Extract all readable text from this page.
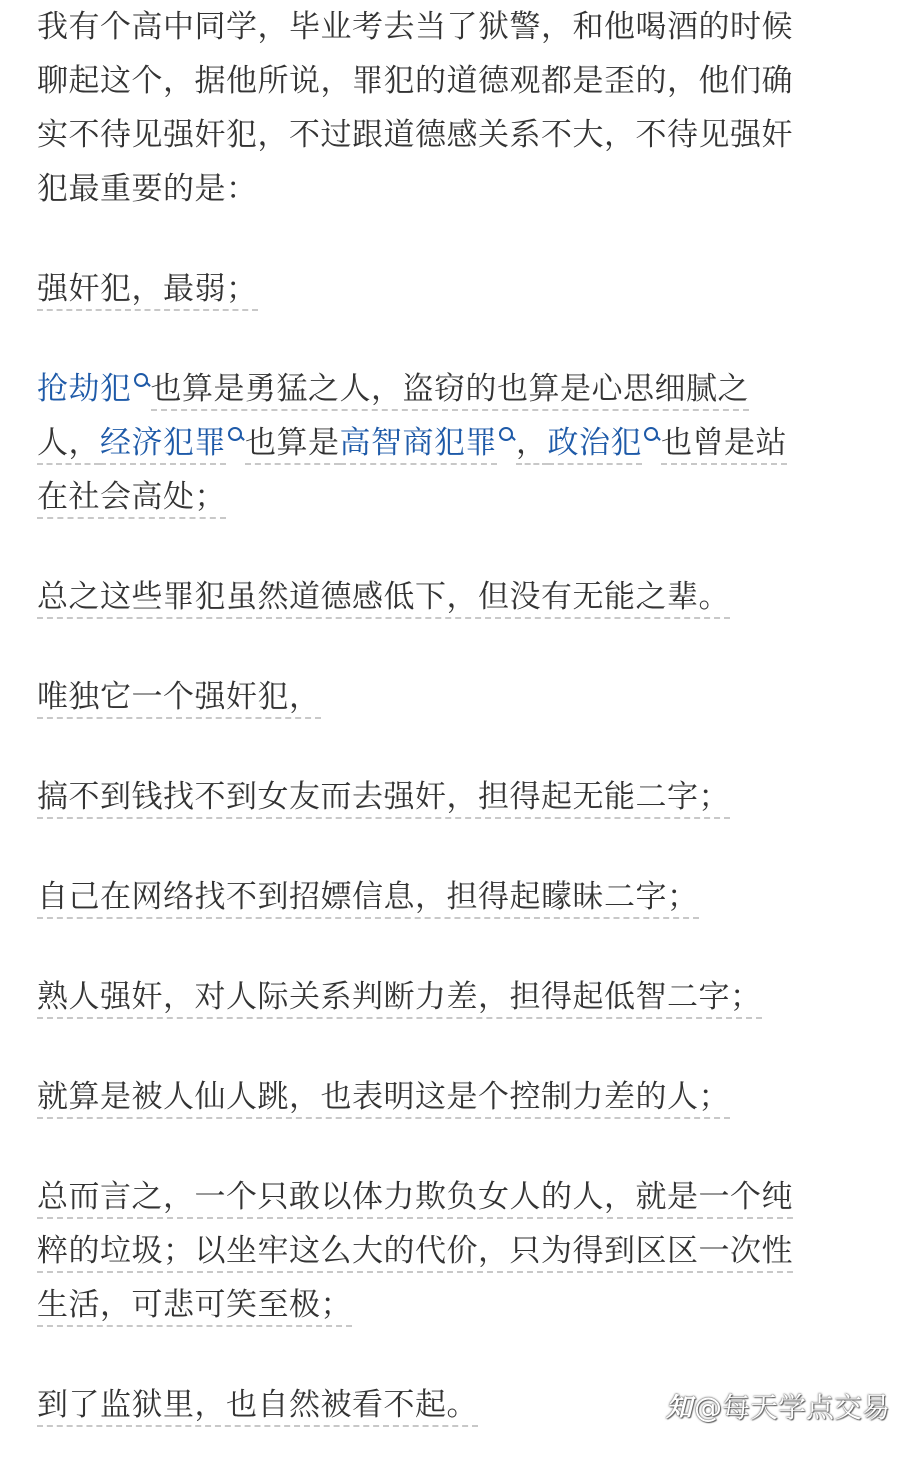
我有个高中同学，毕业考去当了狱警，和他喝酒的时候
聊起这个，据他所说，罪犯的道德观都是歪的，他们确
实不待见强奸犯，不过跟道德感关系不大，不待见强奸
犯最重要的是：
强奸犯，最弱；
抢劫犯 也算是勇猛之人，盗窃的也算是心思细腻之
人，经济犯罪 也算是高智商犯罪 ，政治犯 也曾是站
在社会高处；
总之这些罪犯虽然道德感低下，但没有无能之辈。
唯独它一个强奸犯，
搞不到钱找不到女友而去强奸，担得起无能二字；
自己在网络找不到招嫖信息，担得起矇昧二字；
熟人强奸，对人际关系判断力差，担得起低智二字；
就算是被人仙人跳，也表明这是个控制力差的人；
总而言之，一个只敢以体力欺负女人的人，就是一个纯
粹的垃圾；以坐牢这么大的代价，只为得到区区一次性
生活，可悲可笑至极；
到了监狱里，也自然被看不起。	知 @每天学点交易
